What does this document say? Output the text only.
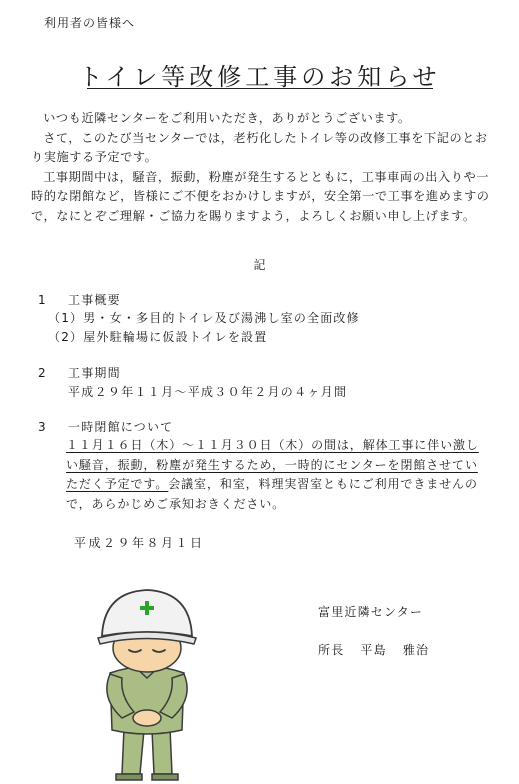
利用者の皆様へ
トイレ等改修工事のお知らせ

いつも近隣センターをご利用いただき，ありがとうございます。

さて，このたび当センターでは，老朽化したトイレ等の改修工事を下記のとおり実施する予定です。

工事期間中は，騒音，振動，粉塵が発生するとともに，工事車両の出入りや一時的な閉館など，皆様にご不便をおかけしますが，安全第一で工事を進めますので，なにとぞご理解・ご協力を賜りますよう，よろしくお願い申し上げます。

記
1 工事概要
（1）男・女・多目的トイレ及び湯沸し室の全面改修
（2）屋外駐輪場に仮設トイレを設置
2 工事期間
平成２９年１１月～平成３０年２月の４ヶ月間
3 一時閉館について
１１月１６日（木）～１１月３０日（木）の間は，解体工事に伴い激しい騒音，振動，粉塵が発生するため，一時的にセンターを閉館させていただく予定です。会議室，和室，料理実習室ともにご利用できませんので，あらかじめご承知おきください。
平成２９年８月１日
富里近隣センター
所長 平島 雅治
